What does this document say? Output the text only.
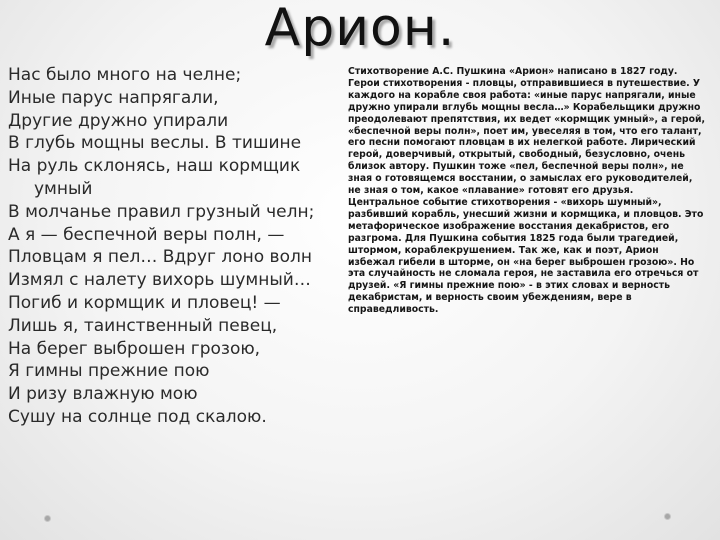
Арион.
Нас было много на челне;
Иные парус напрягали,
Другие дружно упирали
В глубь мощны веслы. В тишине
На руль склонясь, наш кормщик умный
В молчанье правил грузный челн;
А я — беспечной веры полн, —
Пловцам я пел… Вдруг лоно волн
Измял с налету вихорь шумный…
Погиб и кормщик и пловец! —
Лишь я, таинственный певец,
На берег выброшен грозою,
Я гимны прежние пою
И ризу влажную мою
Сушу на солнце под скалою.

Стихотворение А.С. Пушкина «Арион» написано в 1827 году.

Герои стихотворения - пловцы, отправившиеся в путешествие. У каждого на корабле своя работа: «иные парус напрягали, иные дружно упирали вглубь мощны весла…» Корабельщики дружно преодолевают препятствия, их ведет «кормщик умный», а герой, «беспечной веры полн», поет им, увеселяя в том, что его талант, его песни помогают пловцам в их нелегкой работе. Лирический герой, доверчивый, открытый, свободный, безусловно, очень близок автору. Пушкин тоже «пел, беспечной веры полн», не зная о готовящемся восстании, о замыслах его руководителей, не зная о том, какое «плавание» готовят его друзья.

Центральное событие стихотворения - «вихорь шумный», разбивший корабль, унесший жизни и кормщика, и пловцов. Это метафорическое изображение восстания декабристов, его разгрома. Для Пушкина события 1825 года были трагедией, штормом, кораблекрушением. Так же, как и поэт, Арион избежал гибели в шторме, он «на берег выброшен грозою». Но эта случайность не сломала героя, не заставила его отречься от друзей. «Я гимны прежние пою» - в этих словах и верность декабристам, и верность своим убеждениям, вере в справедливость.
